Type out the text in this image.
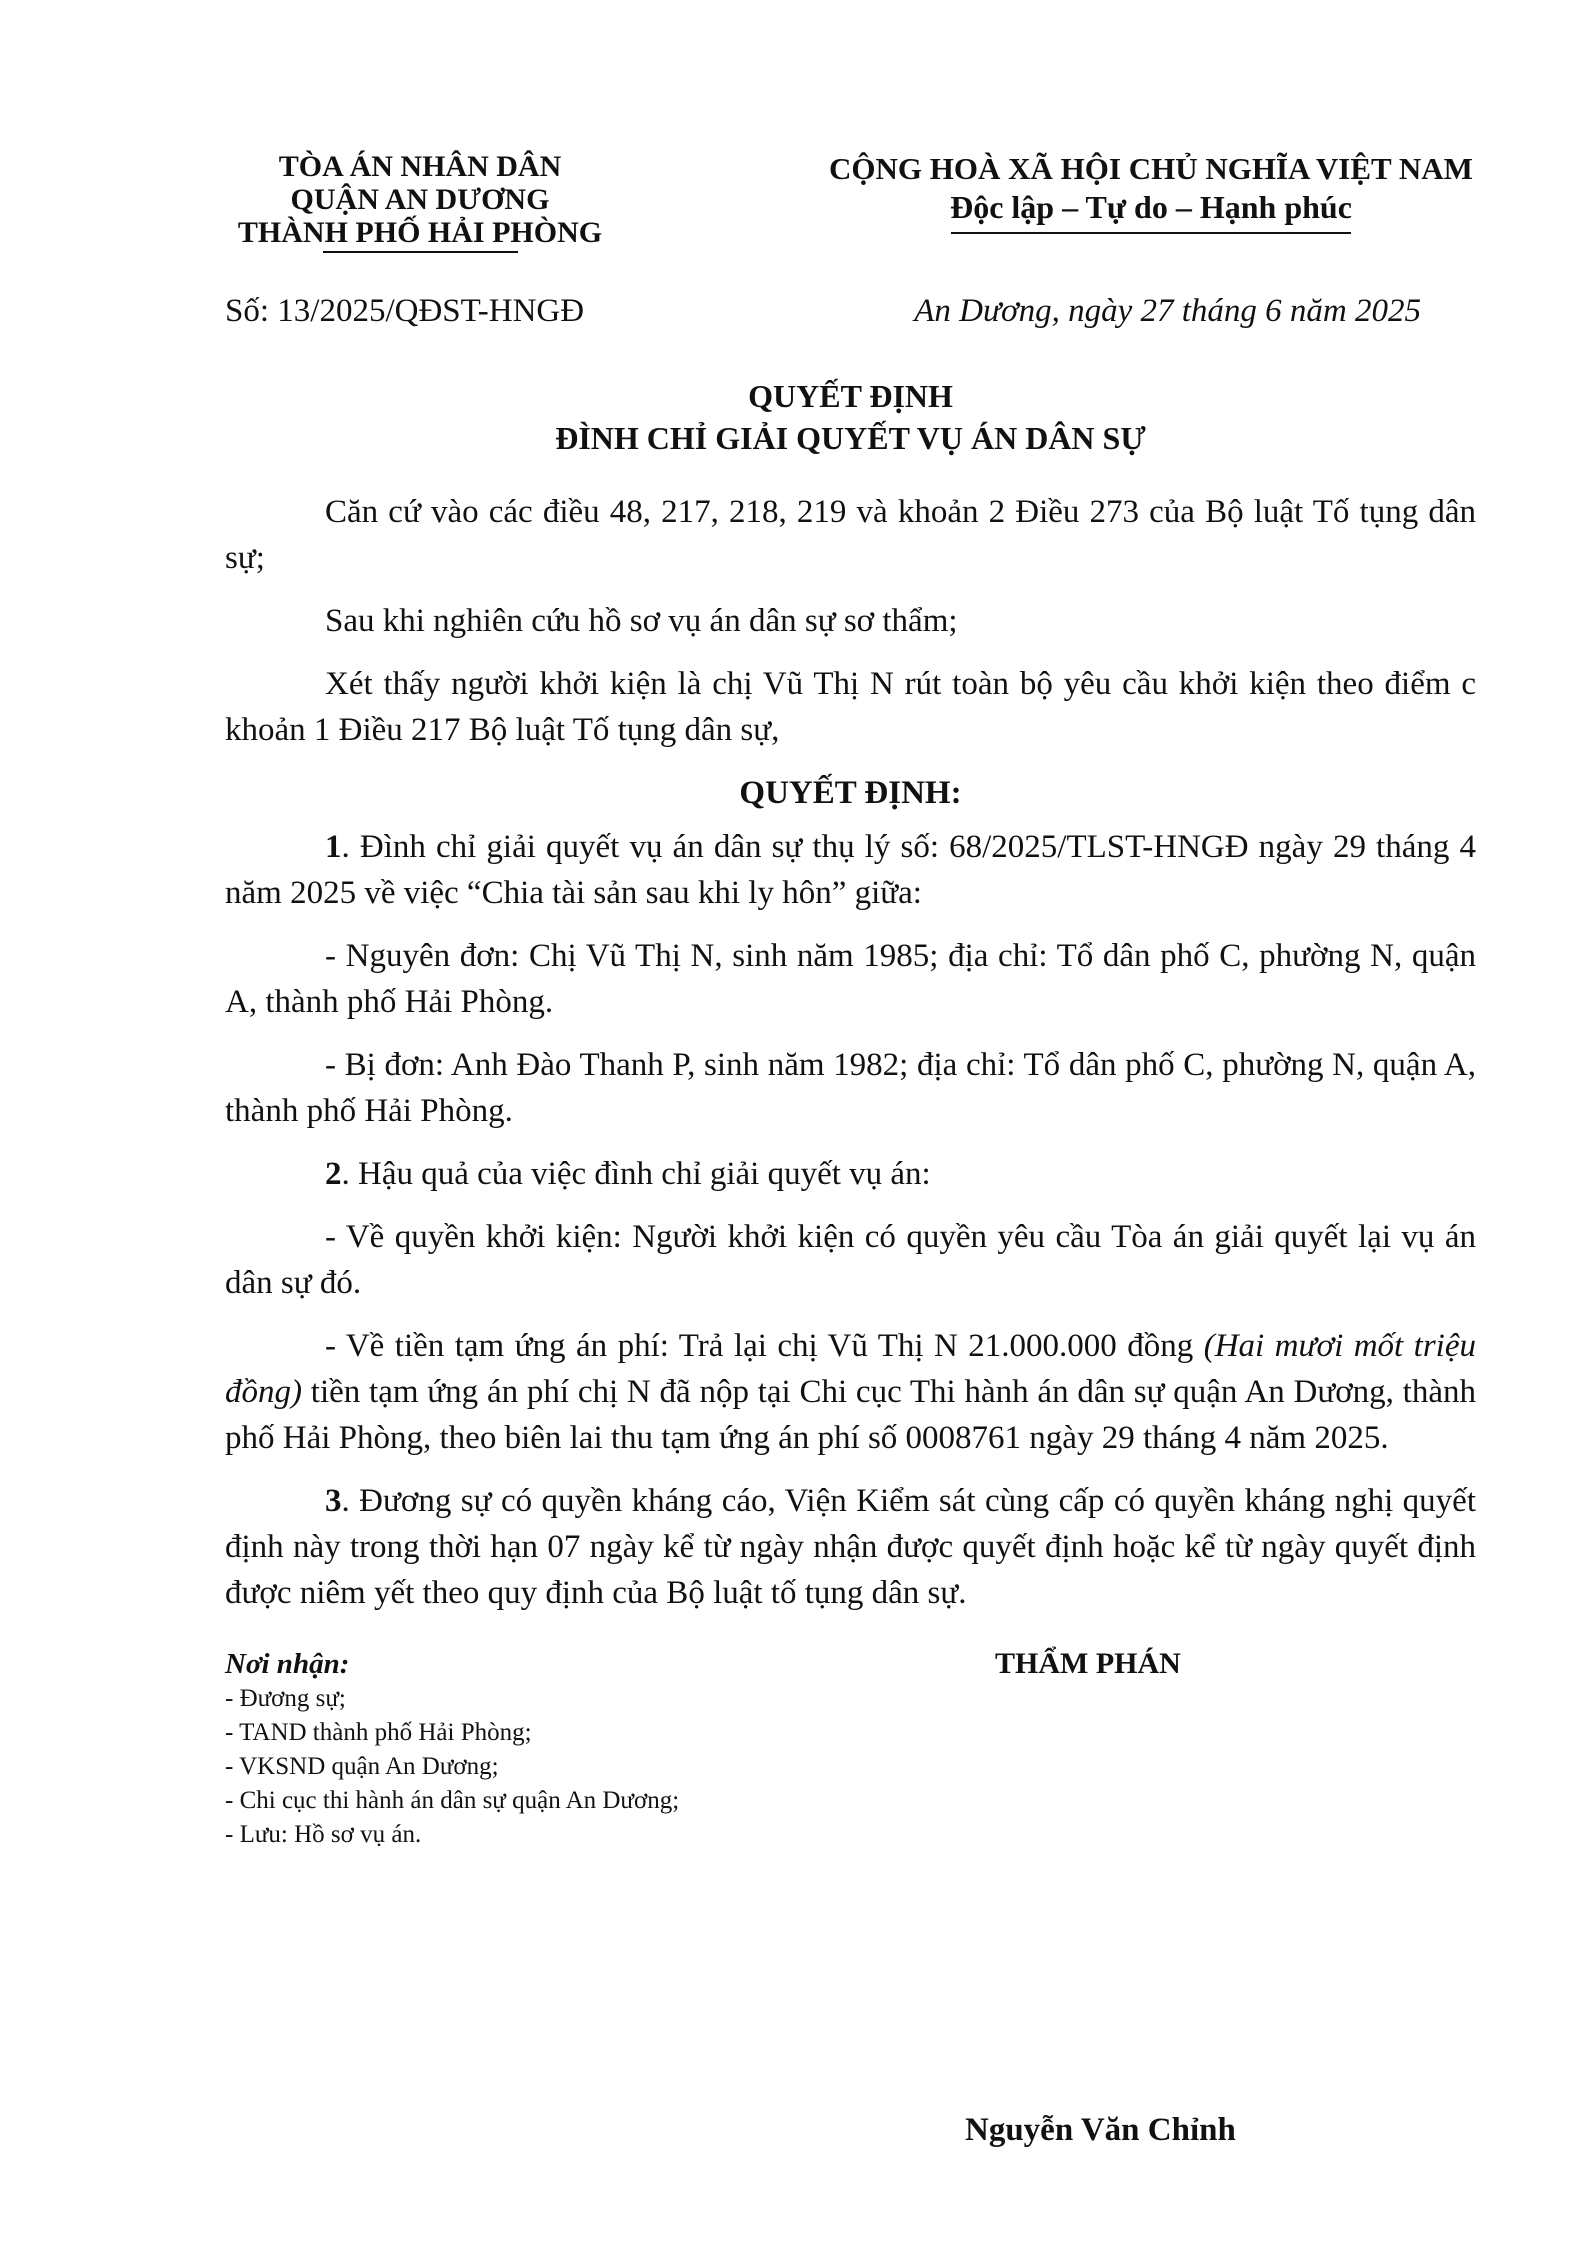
TÒA ÁN NHÂN DÂN
QUẬN AN DƯƠNG
THÀNH PHỐ HẢI PHÒNG
CỘNG HOÀ XÃ HỘI CHỦ NGHĨA VIỆT NAM
Độc lập – Tự do – Hạnh phúc
Số: 13/2025/QĐST-HNGĐ	An Dương, ngày 27 tháng 6 năm 2025
QUYẾT ĐỊNH
ĐÌNH CHỈ GIẢI QUYẾT VỤ ÁN DÂN SỰ

Căn cứ vào các điều 48, 217, 218, 219 và khoản 2 Điều 273 của Bộ luật Tố tụng dân sự;

Sau khi nghiên cứu hồ sơ vụ án dân sự sơ thẩm;

Xét thấy người khởi kiện là chị Vũ Thị N rút toàn bộ yêu cầu khởi kiện theo điểm c khoản 1 Điều 217 Bộ luật Tố tụng dân sự,

QUYẾT ĐỊNH:

1. Đình chỉ giải quyết vụ án dân sự thụ lý số: 68/2025/TLST-HNGĐ ngày 29 tháng 4 năm 2025 về việc “Chia tài sản sau khi ly hôn” giữa:

- Nguyên đơn: Chị Vũ Thị N, sinh năm 1985; địa chỉ: Tổ dân phố C, phường N, quận A, thành phố Hải Phòng.

- Bị đơn: Anh Đào Thanh P, sinh năm 1982; địa chỉ: Tổ dân phố C, phường N, quận A, thành phố Hải Phòng.

2. Hậu quả của việc đình chỉ giải quyết vụ án:

- Về quyền khởi kiện: Người khởi kiện có quyền yêu cầu Tòa án giải quyết lại vụ án dân sự đó.

- Về tiền tạm ứng án phí: Trả lại chị Vũ Thị N 21.000.000 đồng (Hai mươi mốt triệu đồng) tiền tạm ứng án phí chị N đã nộp tại Chi cục Thi hành án dân sự quận An Dương, thành phố Hải Phòng, theo biên lai thu tạm ứng án phí số 0008761 ngày 29 tháng 4 năm 2025.

3. Đương sự có quyền kháng cáo, Viện Kiểm sát cùng cấp có quyền kháng nghị quyết định này trong thời hạn 07 ngày kể từ ngày nhận được quyết định hoặc kể từ ngày quyết định được niêm yết theo quy định của Bộ luật tố tụng dân sự.

Nơi nhận:
- Đương sự;
- TAND thành phố Hải Phòng;
- VKSND quận An Dương;
- Chi cục thi hành án dân sự quận An Dương;
- Lưu: Hồ sơ vụ án.
THẨM PHÁN
Nguyễn Văn Chỉnh
